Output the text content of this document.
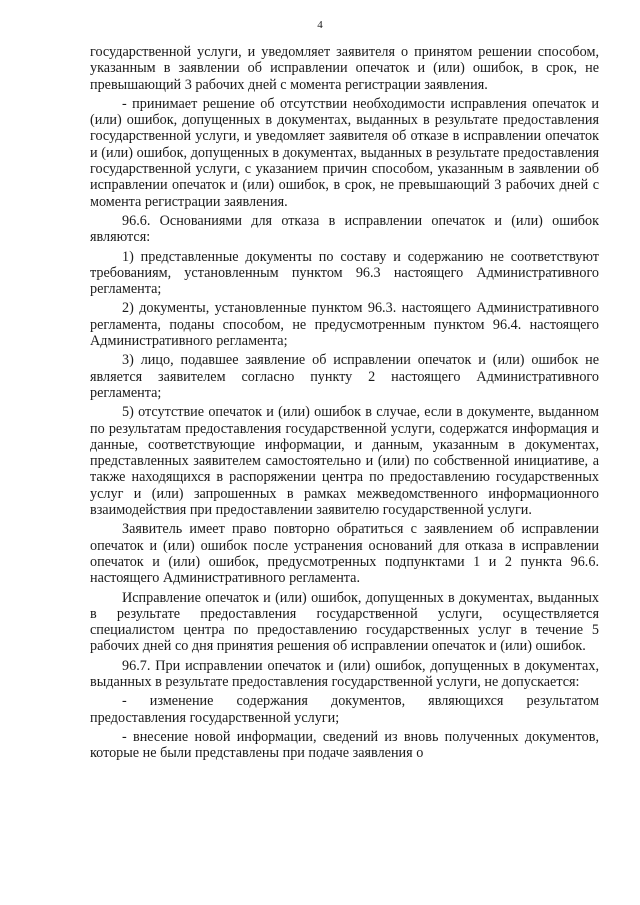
4

государственной услуги, и уведомляет заявителя о принятом решении способом, указанным в заявлении об исправлении опечаток и (или) ошибок, в срок, не превышающий 3 рабочих дней с момента регистрации заявления.

- принимает решение об отсутствии необходимости исправления опечаток и (или) ошибок, допущенных в документах, выданных в результате предоставления государственной услуги, и уведомляет заявителя об отказе в исправлении опечаток и (или) ошибок, допущенных в документах, выданных в результате предоставления государственной услуги, с указанием причин способом, указанным в заявлении об исправлении опечаток и (или) ошибок, в срок, не превышающий 3 рабочих дней с момента регистрации заявления.

96.6. Основаниями для отказа в исправлении опечаток и (или) ошибок являются:

1) представленные документы по составу и содержанию не соответствуют требованиям, установленным пунктом 96.3 настоящего Административного регламента;

2) документы, установленные пунктом 96.3. настоящего Административного регламента, поданы способом, не предусмотренным пунктом 96.4. настоящего Административного регламента;

3) лицо, подавшее заявление об исправлении опечаток и (или) ошибок не является заявителем согласно пункту 2 настоящего Административного регламента;

5) отсутствие опечаток и (или) ошибок в случае, если в документе, выданном по результатам предоставления государственной услуги, содержатся информация и данные, соответствующие информации, и данным, указанным в документах, представленных заявителем самостоятельно и (или) по собственной инициативе, а также находящихся в распоряжении центра по предоставлению государственных услуг и (или) запрошенных в рамках межведомственного информационного взаимодействия при предоставлении заявителю государственной услуги.

Заявитель имеет право повторно обратиться с заявлением об исправлении опечаток и (или) ошибок после устранения оснований для отказа в исправлении опечаток и (или) ошибок, предусмотренных подпунктами 1 и 2 пункта 96.6. настоящего Административного регламента.

Исправление опечаток и (или) ошибок, допущенных в документах, выданных в результате предоставления государственной услуги, осуществляется специалистом центра по предоставлению государственных услуг в течение 5 рабочих дней со дня принятия решения об исправлении опечаток и (или) ошибок.

96.7. При исправлении опечаток и (или) ошибок, допущенных в документах, выданных в результате предоставления государственной услуги, не допускается:

- изменение содержания документов, являющихся результатом предоставления государственной услуги;

- внесение новой информации, сведений из вновь полученных документов, которые не были представлены при подаче заявления о
